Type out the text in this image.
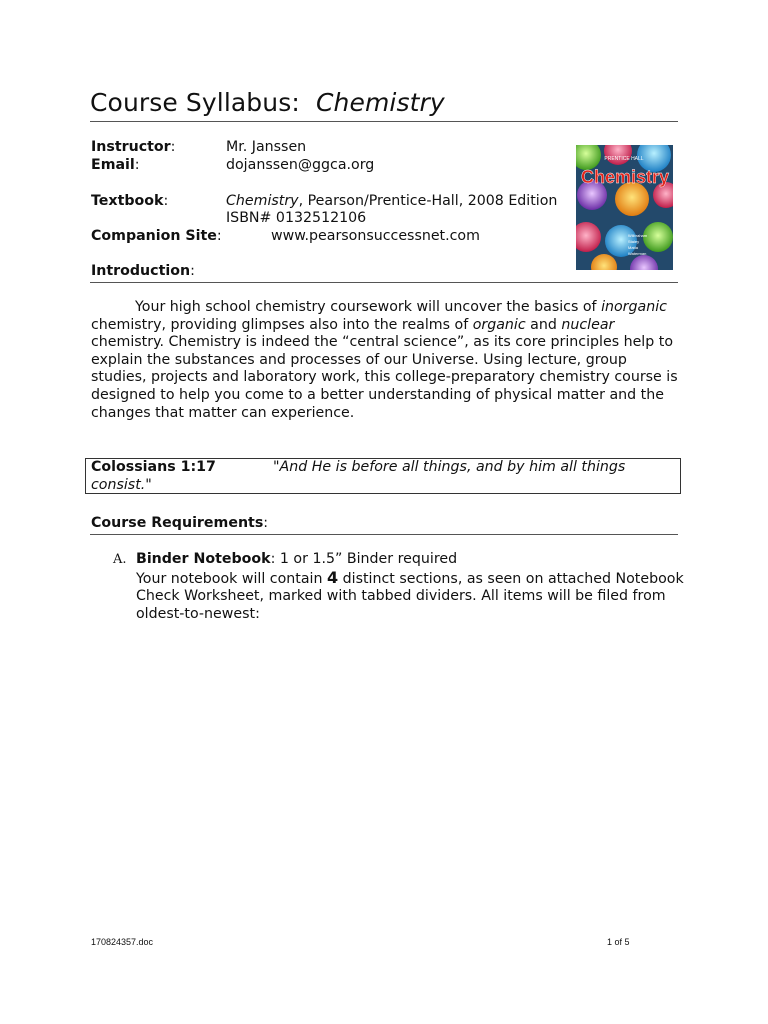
Course Syllabus: Chemistry
Instructor:	Mr. Janssen
Email:	dojanssen@ggca.org
Textbook:	Chemistry, Pearson/Prentice-Hall, 2008 Edition
ISBN# 0132512106
Companion Site:	www.pearsonsuccessnet.com
PRENTICE HALL
Chemistry
Wilbraham
Staley
Matta
Waterman
Introduction:
Your high school chemistry coursework will uncover the basics of inorganic chemistry, providing glimpses also into the realms of organic and nuclear chemistry. Chemistry is indeed the “central science”, as its core principles help to explain the substances and processes of our Universe. Using lecture, group studies, projects and laboratory work, this college-preparatory chemistry course is designed to help you come to a better understanding of physical matter and the changes that matter can experience.
Colossians 1:17	"And He is before all things, and by him all things
consist."
Course Requirements:
A. Binder Notebook: 1 or 1.5” Binder required
Your notebook will contain 4 distinct sections, as seen on attached Notebook Check Worksheet, marked with tabbed dividers. All items will be filed from oldest-to-newest:
170824357.doc	1 of 5
